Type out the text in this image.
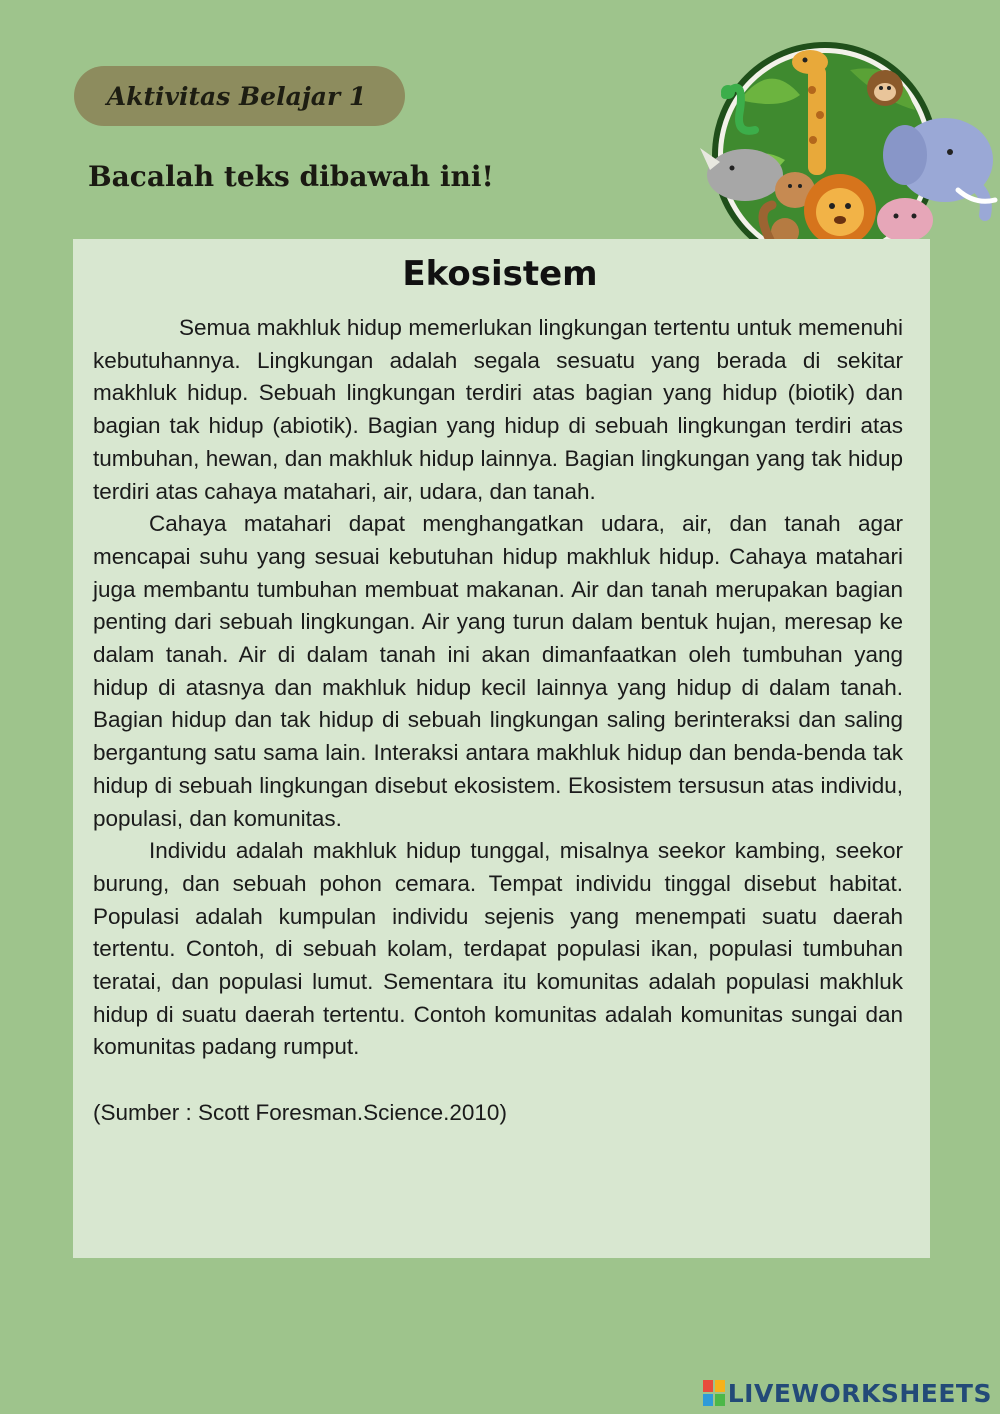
Aktivitas Belajar 1
Bacalah teks dibawah ini!
Ekosistem

Semua makhluk hidup memerlukan lingkungan tertentu untuk memenuhi kebutuhannya. Lingkungan adalah segala sesuatu yang berada di sekitar makhluk hidup. Sebuah lingkungan terdiri atas bagian yang hidup (biotik) dan bagian tak hidup (abiotik). Bagian yang hidup di sebuah lingkungan terdiri atas tumbuhan, hewan, dan makhluk hidup lainnya. Bagian lingkungan yang tak hidup terdiri atas cahaya matahari, air, udara, dan tanah.

Cahaya matahari dapat menghangatkan udara, air, dan tanah agar mencapai suhu yang sesuai kebutuhan hidup makhluk hidup. Cahaya matahari juga membantu tumbuhan membuat makanan. Air dan tanah merupakan bagian penting dari sebuah lingkungan. Air yang turun dalam bentuk hujan, meresap ke dalam tanah. Air di dalam tanah ini akan dimanfaatkan oleh tumbuhan yang hidup di atasnya dan makhluk hidup kecil lainnya yang hidup di dalam tanah. Bagian hidup dan tak hidup di sebuah lingkungan saling berinteraksi dan saling bergantung satu sama lain. Interaksi antara makhluk hidup dan benda-benda tak hidup di sebuah lingkungan disebut ekosistem. Ekosistem tersusun atas individu, populasi, dan komunitas.

Individu adalah makhluk hidup tunggal, misalnya seekor kambing, seekor burung, dan sebuah pohon cemara. Tempat individu tinggal disebut habitat. Populasi adalah kumpulan individu sejenis yang menempati suatu daerah tertentu. Contoh, di sebuah kolam, terdapat populasi ikan, populasi tumbuhan teratai, dan populasi lumut. Sementara itu komunitas adalah populasi makhluk hidup di suatu daerah tertentu. Contoh komunitas adalah komunitas sungai dan komunitas padang rumput.

(Sumber : Scott Foresman.Science.2010)

LIVEWORKSHEETS
